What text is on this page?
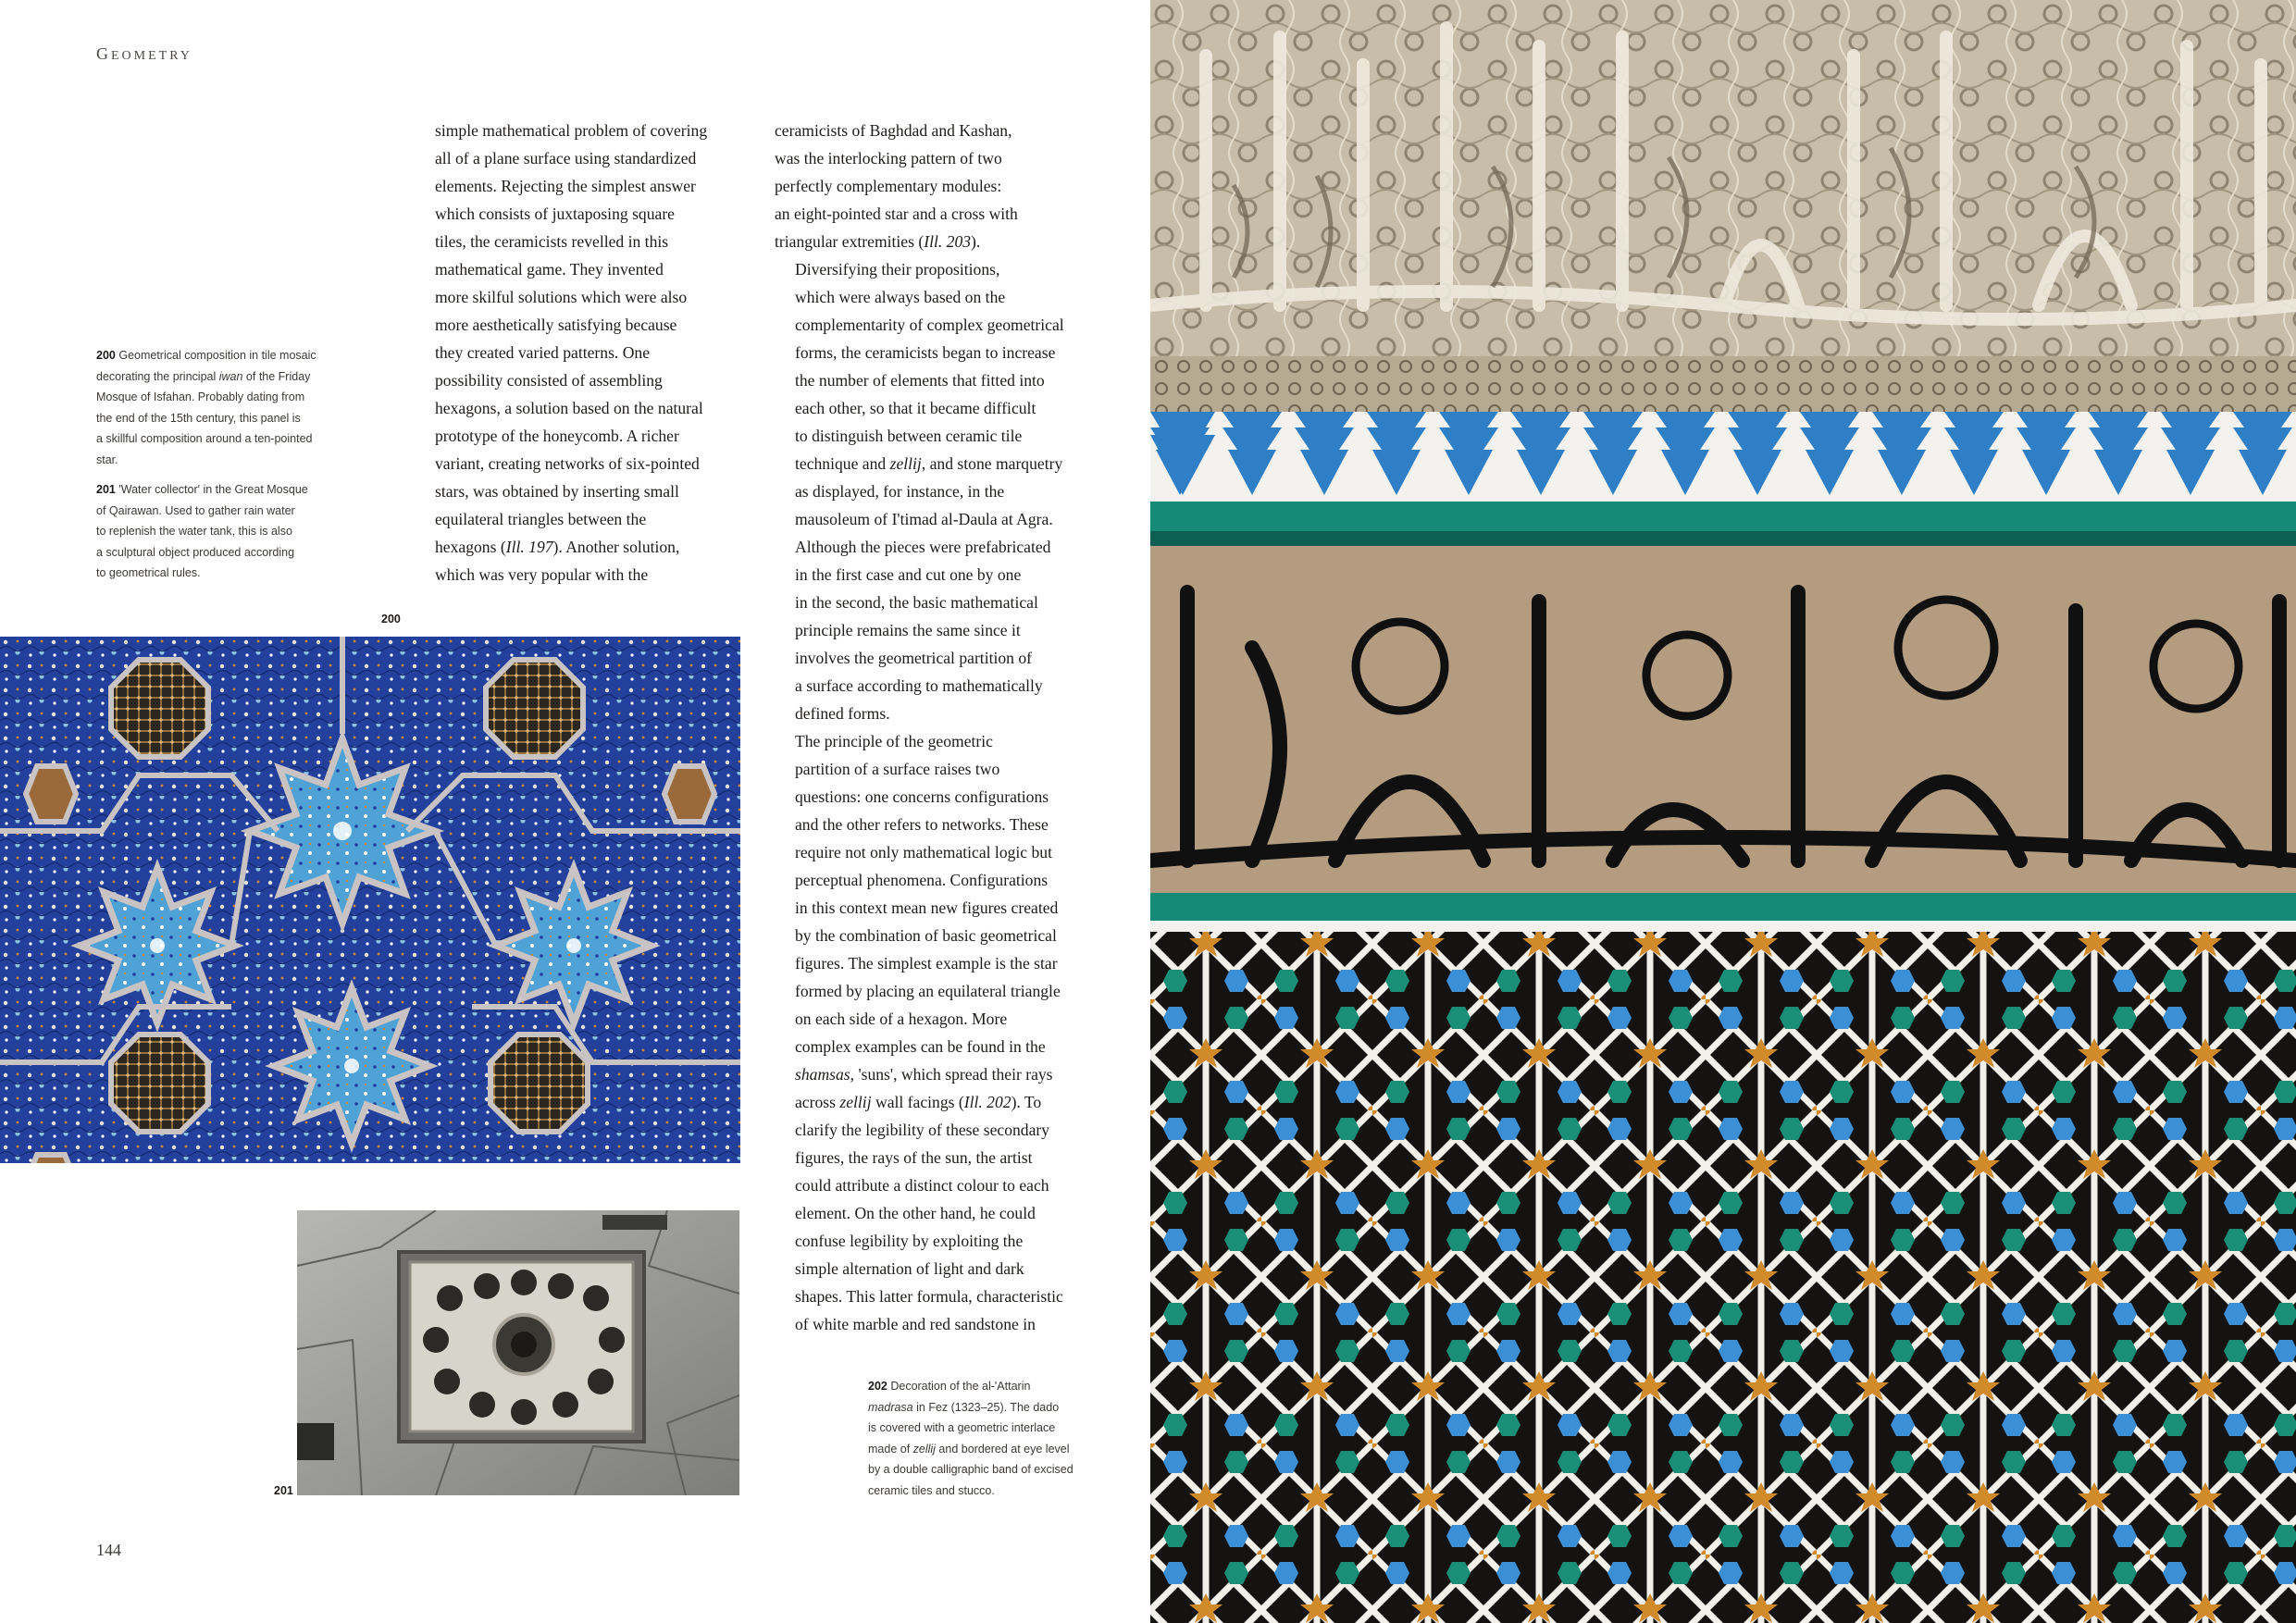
GEOMETRY
200 Geometrical composition in tile mosaic
decorating the principal iwan of the Friday
Mosque of Isfahan. Probably dating from
the end of the 15th century, this panel is
a skillful composition around a ten-pointed
star.
201 'Water collector' in the Great Mosque
of Qairawan. Used to gather rain water
to replenish the water tank, this is also
a sculptural object produced according
to geometrical rules.
200

simple mathematical problem of covering
all of a plane surface using standardized
elements. Rejecting the simplest answer
which consists of juxtaposing square
tiles, the ceramicists revelled in this
mathematical game. They invented
more skilful solutions which were also
more aesthetically satisfying because
they created varied patterns. One
possibility consisted of assembling
hexagons, a solution based on the natural
prototype of the honeycomb. A richer
variant, creating networks of six-pointed
stars, was obtained by inserting small
equilateral triangles between the
hexagons (Ill. 197). Another solution,
which was very popular with the

ceramicists of Baghdad and Kashan,
was the interlocking pattern of two
perfectly complementary modules:
an eight-pointed star and a cross with
triangular extremities (Ill. 203).

Diversifying their propositions,
which were always based on the
complementarity of complex geometrical
forms, the ceramicists began to increase
the number of elements that fitted into
each other, so that it became difficult
to distinguish between ceramic tile
technique and zellij, and stone marquetry
as displayed, for instance, in the
mausoleum of I'timad al-Daula at Agra.
Although the pieces were prefabricated
in the first case and cut one by one
in the second, the basic mathematical
principle remains the same since it
involves the geometrical partition of
a surface according to mathematically
defined forms.

The principle of the geometric
partition of a surface raises two
questions: one concerns configurations
and the other refers to networks. These
require not only mathematical logic but
perceptual phenomena. Configurations
in this context mean new figures created
by the combination of basic geometrical
figures. The simplest example is the star
formed by placing an equilateral triangle
on each side of a hexagon. More
complex examples can be found in the
shamsas, 'suns', which spread their rays
across zellij wall facings (Ill. 202). To
clarify the legibility of these secondary
figures, the rays of the sun, the artist
could attribute a distinct colour to each
element. On the other hand, he could
confuse legibility by exploiting the
simple alternation of light and dark
shapes. This latter formula, characteristic
of white marble and red sandstone in

201
202 Decoration of the al-'Attarin
madrasa in Fez (1323–25). The dado
is covered with a geometric interlace
made of zellij and bordered at eye level
by a double calligraphic band of excised
ceramic tiles and stucco.
144
